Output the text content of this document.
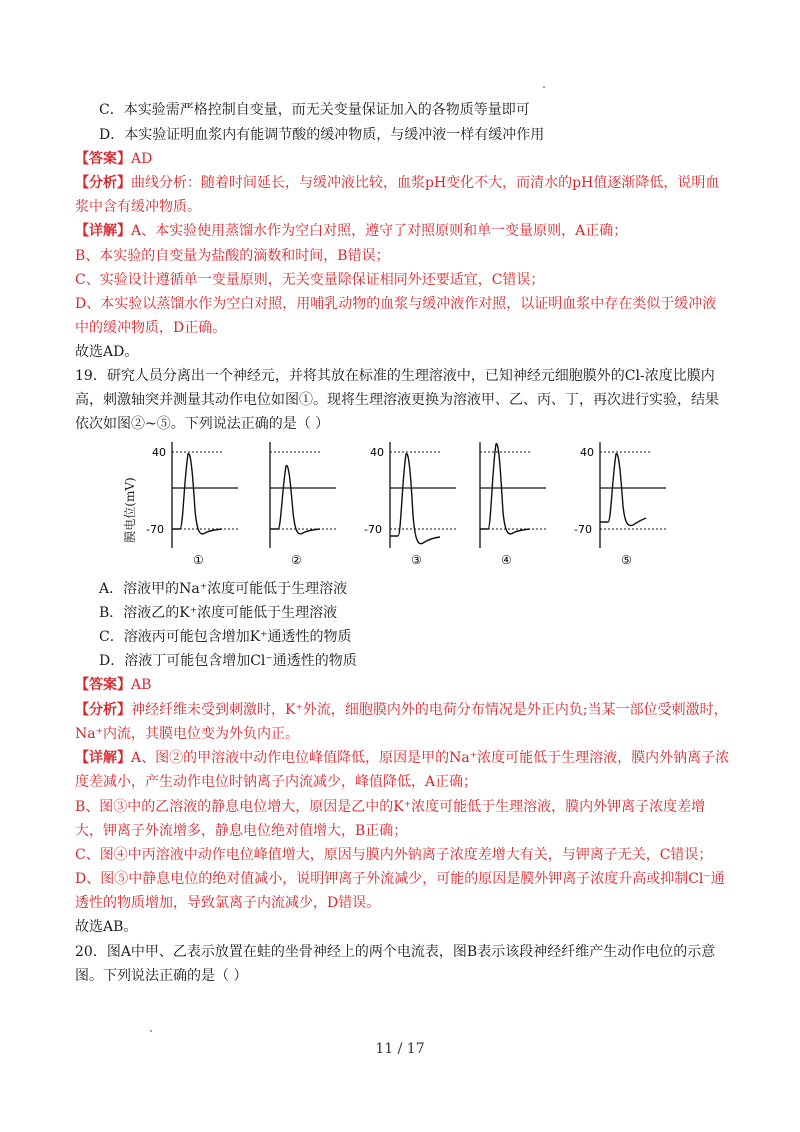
C．本实验需严格控制自变量，而无关变量保证加入的各物质等量即可
D．本实验证明血浆内有能调节酸的缓冲物质，与缓冲液一样有缓冲作用
【答案】AD
【分析】曲线分析：随着时间延长，与缓冲液比较，血浆pH变化不大，而清水的pH值逐渐降低，说明血
浆中含有缓冲物质。
【详解】A、本实验使用蒸馏水作为空白对照，遵守了对照原则和单一变量原则，A正确；
B、本实验的自变量为盐酸的滴数和时间，B错误；
C、实验设计遵循单一变量原则，无关变量除保证相同外还要适宜，C错误；
D、本实验以蒸馏水作为空白对照，用哺乳动物的血浆与缓冲液作对照，以证明血浆中存在类似于缓冲液
中的缓冲物质，D正确。
故选AD。
19．研究人员分离出一个神经元，并将其放在标准的生理溶液中，已知神经元细胞膜外的Cl-浓度比膜内
高，刺激轴突并测量其动作电位如图①。现将生理溶液更换为溶液甲、乙、丙、丁，再次进行实验，结果
依次如图②~⑤。下列说法正确的是（ ）
膜电位(mV)
40
-70
①	②
40
-70
③	④
40
-70
⑤
A．溶液甲的Na⁺浓度可能低于生理溶液
B．溶液乙的K⁺浓度可能低于生理溶液
C．溶液丙可能包含增加K⁺通透性的物质
D．溶液丁可能包含增加Cl⁻通透性的物质
【答案】AB
【分析】神经纤维未受到刺激时，K⁺外流，细胞膜内外的电荷分布情况是外正内负;当某一部位受刺激时，
Na⁺内流，其膜电位变为外负内正。
【详解】A、图②的甲溶液中动作电位峰值降低，原因是甲的Na⁺浓度可能低于生理溶液，膜内外钠离子浓
度差减小，产生动作电位时钠离子内流减少，峰值降低，A正确；
B、图③中的乙溶液的静息电位增大，原因是乙中的K⁺浓度可能低于生理溶液，膜内外钾离子浓度差增
大，钾离子外流增多，静息电位绝对值增大，B正确；
C、图④中丙溶液中动作电位峰值增大，原因与膜内外钠离子浓度差增大有关，与钾离子无关，C错误；
D、图⑤中静息电位的绝对值减小，说明钾离子外流减少，可能的原因是膜外钾离子浓度升高或抑制Cl⁻通
透性的物质增加，导致氯离子内流减少，D错误。
故选AB。
20．图A中甲、乙表示放置在蛙的坐骨神经上的两个电流表，图B表示该段神经纤维产生动作电位的示意
图。下列说法正确的是（ ）
11 / 17
